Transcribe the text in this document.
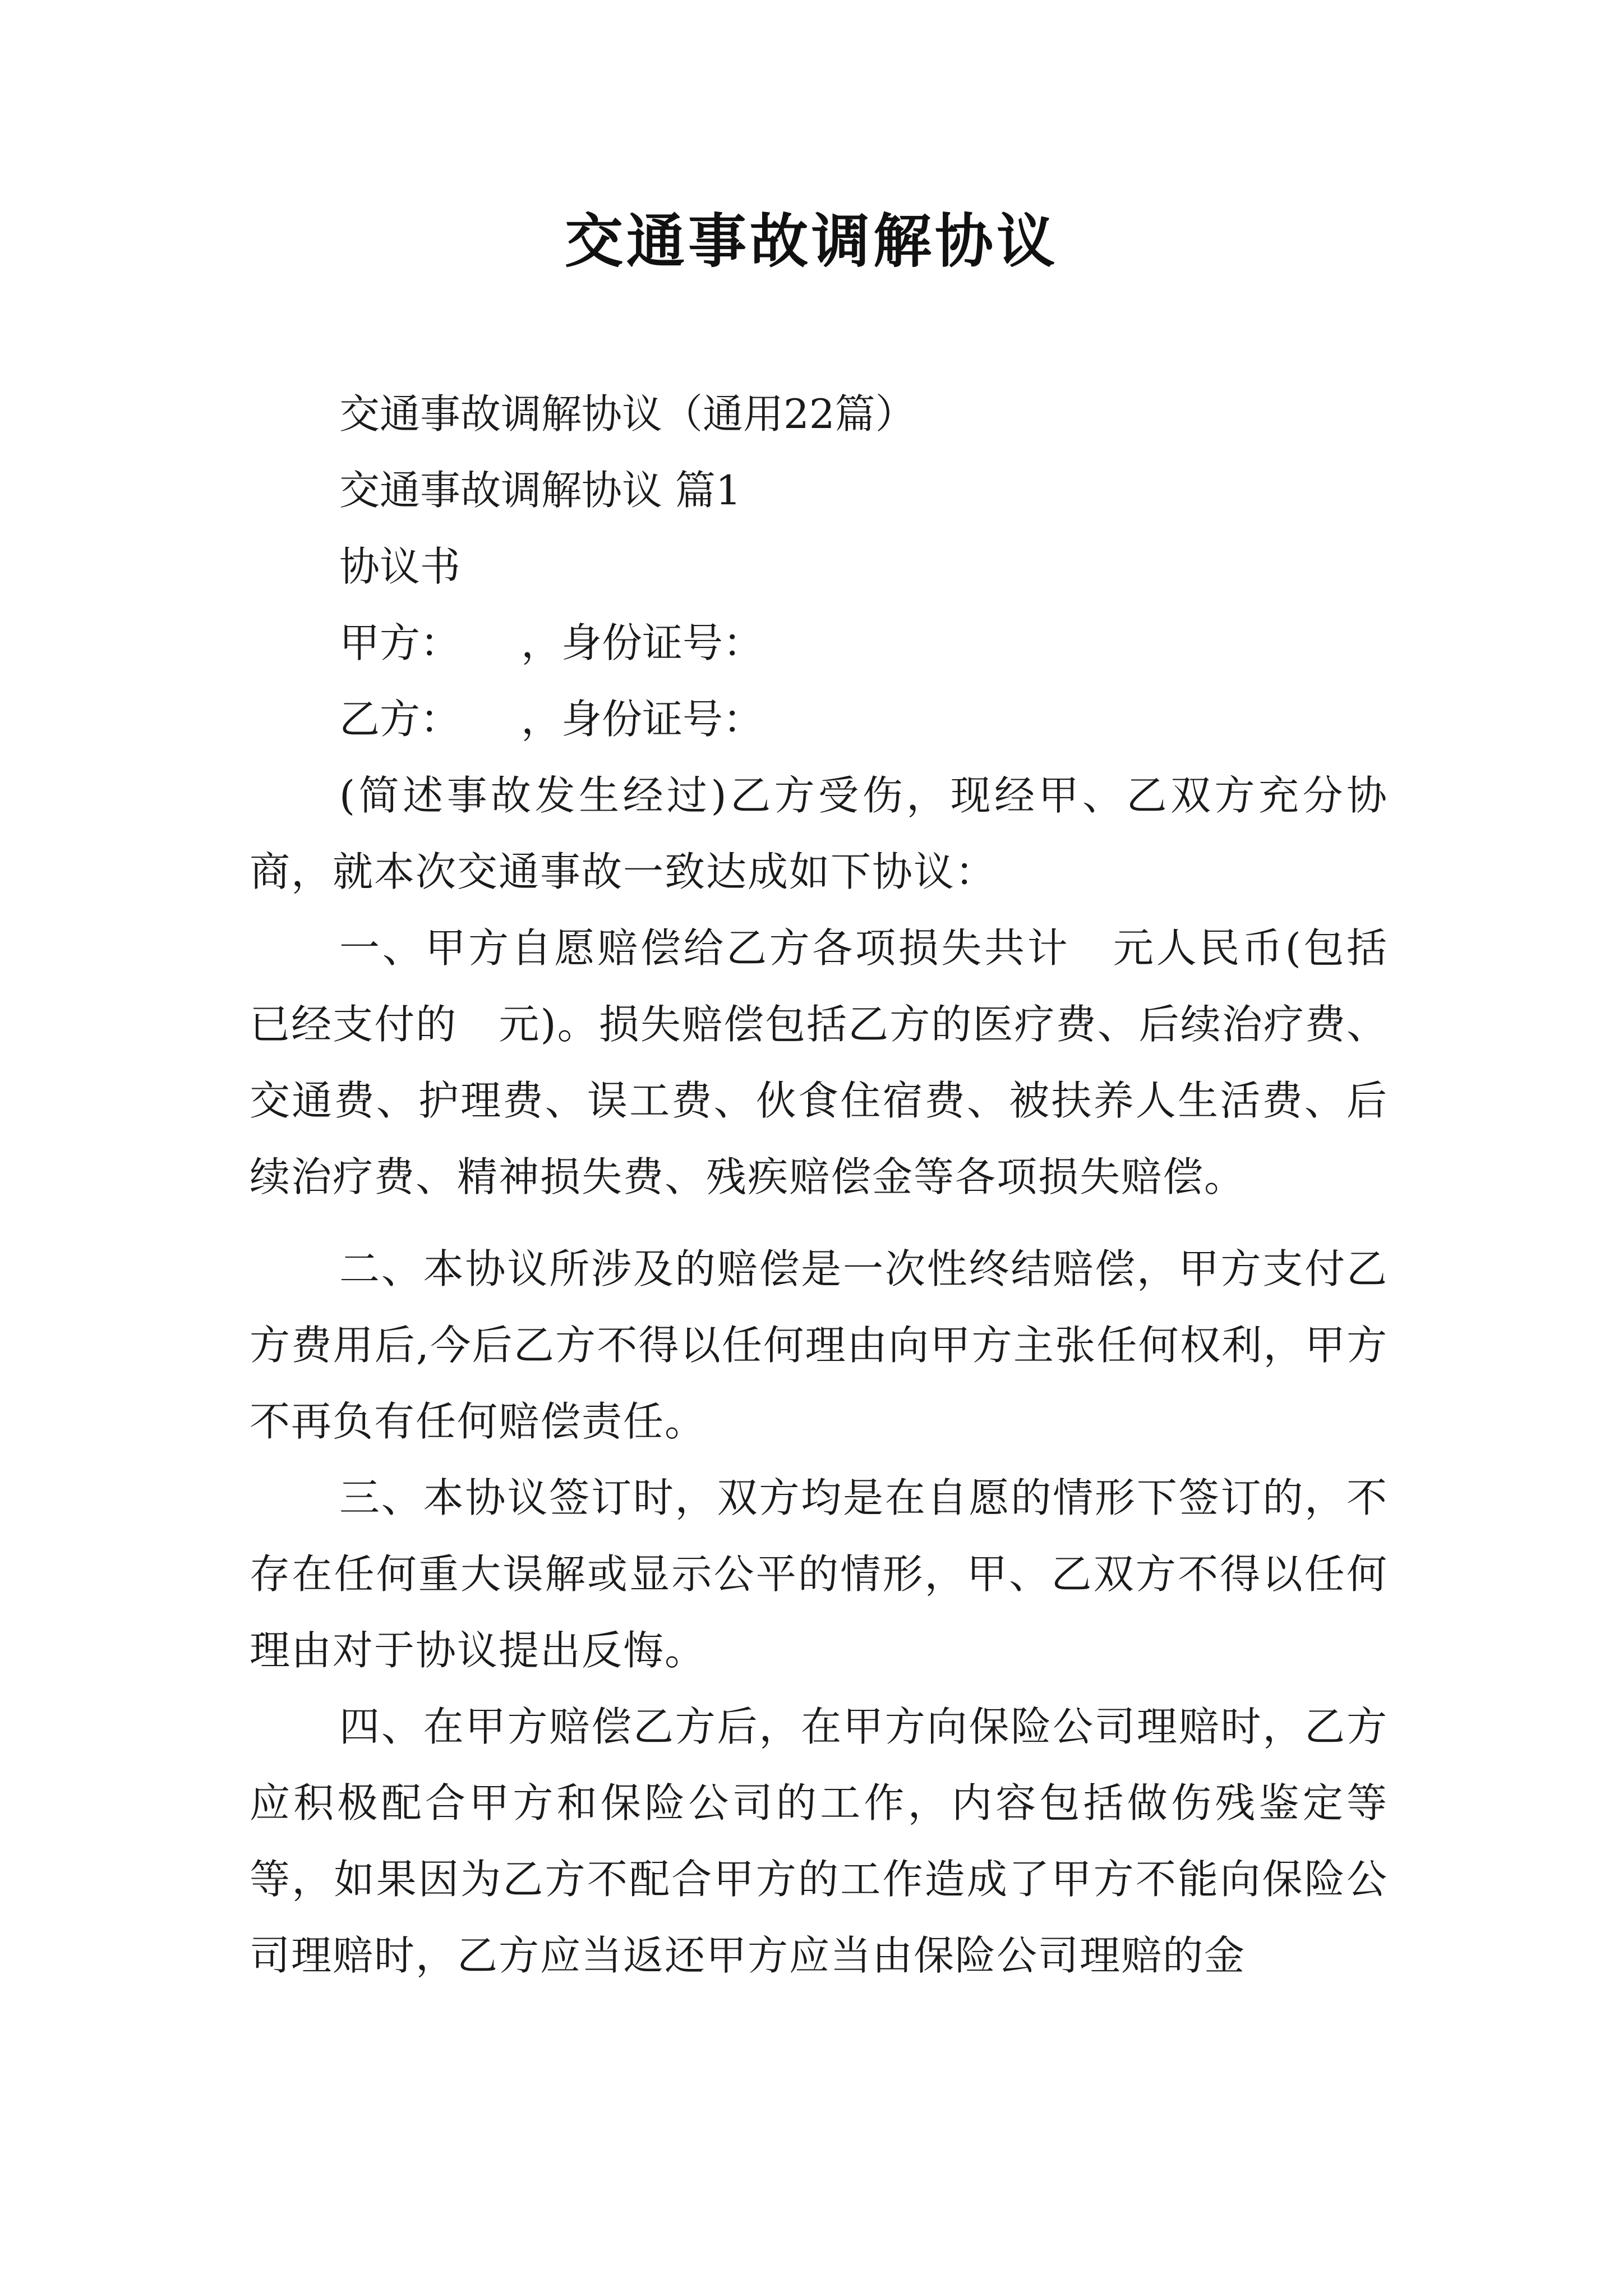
交通事故调解协议
交通事故调解协议（通用22篇）
交通事故调解协议 篇1
协议书
甲方：　　，身份证号：
乙方：　　，身份证号：
(简述事故发生经过)乙方受伤，现经甲、乙双方充分协商，就本次交通事故一致达成如下协议：
一、甲方自愿赔偿给乙方各项损失共计　元人民币(包括已经支付的　元)。损失赔偿包括乙方的医疗费、后续治疗费、交通费、护理费、误工费、伙食住宿费、被扶养人生活费、后续治疗费、精神损失费、残疾赔偿金等各项损失赔偿。
二、本协议所涉及的赔偿是一次性终结赔偿，甲方支付乙方费用后,今后乙方不得以任何理由向甲方主张任何权利，甲方不再负有任何赔偿责任。
三、本协议签订时，双方均是在自愿的情形下签订的，不存在任何重大误解或显示公平的情形，甲、乙双方不得以任何理由对于协议提出反悔。
四、在甲方赔偿乙方后，在甲方向保险公司理赔时，乙方应积极配合甲方和保险公司的工作，内容包括做伤残鉴定等等，如果因为乙方不配合甲方的工作造成了甲方不能向保险公司理赔时，乙方应当返还甲方应当由保险公司理赔的金
